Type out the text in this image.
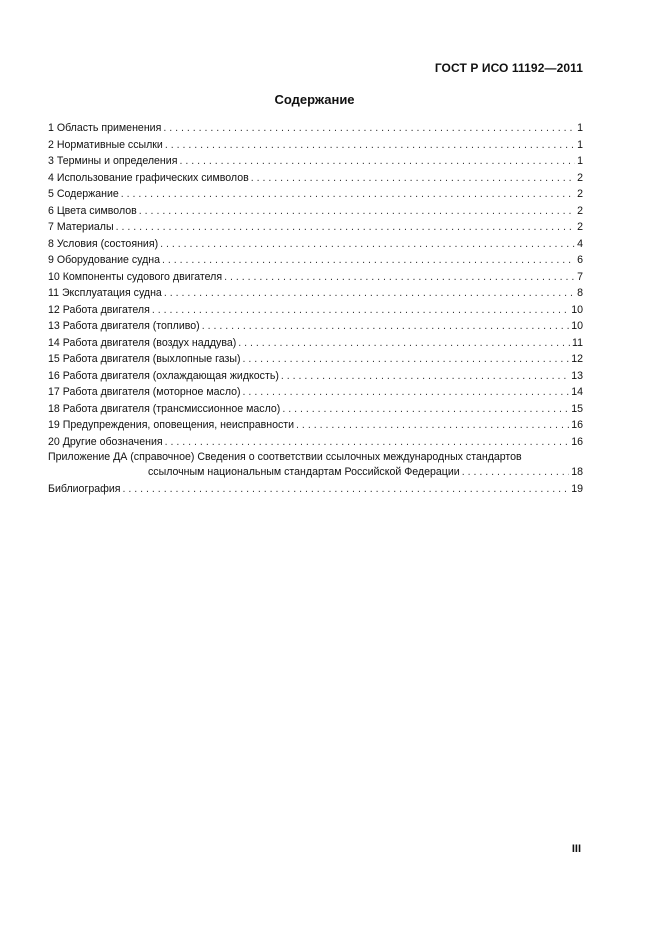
ГОСТ Р ИСО 11192—2011
Содержание
1 Область применения . . .	1
2 Нормативные ссылки . . .	1
3 Термины и определения . . .	1
4 Использование графических символов . . .	2
5 Содержание . . .	2
6 Цвета символов . . .	2
7 Материалы . . .	2
8 Условия (состояния) . . .	4
9 Оборудование судна . . .	6
10 Компоненты судового двигателя . . .	7
11 Эксплуатация судна . . .	8
12 Работа двигателя . . .	10
13 Работа двигателя (топливо) . . .	10
14 Работа двигателя (воздух наддува) . . .	11
15 Работа двигателя (выхлопные газы) . . .	12
16 Работа двигателя (охлаждающая жидкость) . . .	13
17 Работа двигателя (моторное масло) . . .	14
18 Работа двигателя (трансмиссионное масло) . . .	15
19 Предупреждения, оповещения, неисправности . . .	16
20 Другие обозначения . . .	16
Приложение ДА (справочное) Сведения о соответствии ссылочных международных стандартов
ссылочным национальным стандартам Российской Федерации . . .	18
Библиография . . .	19
III
